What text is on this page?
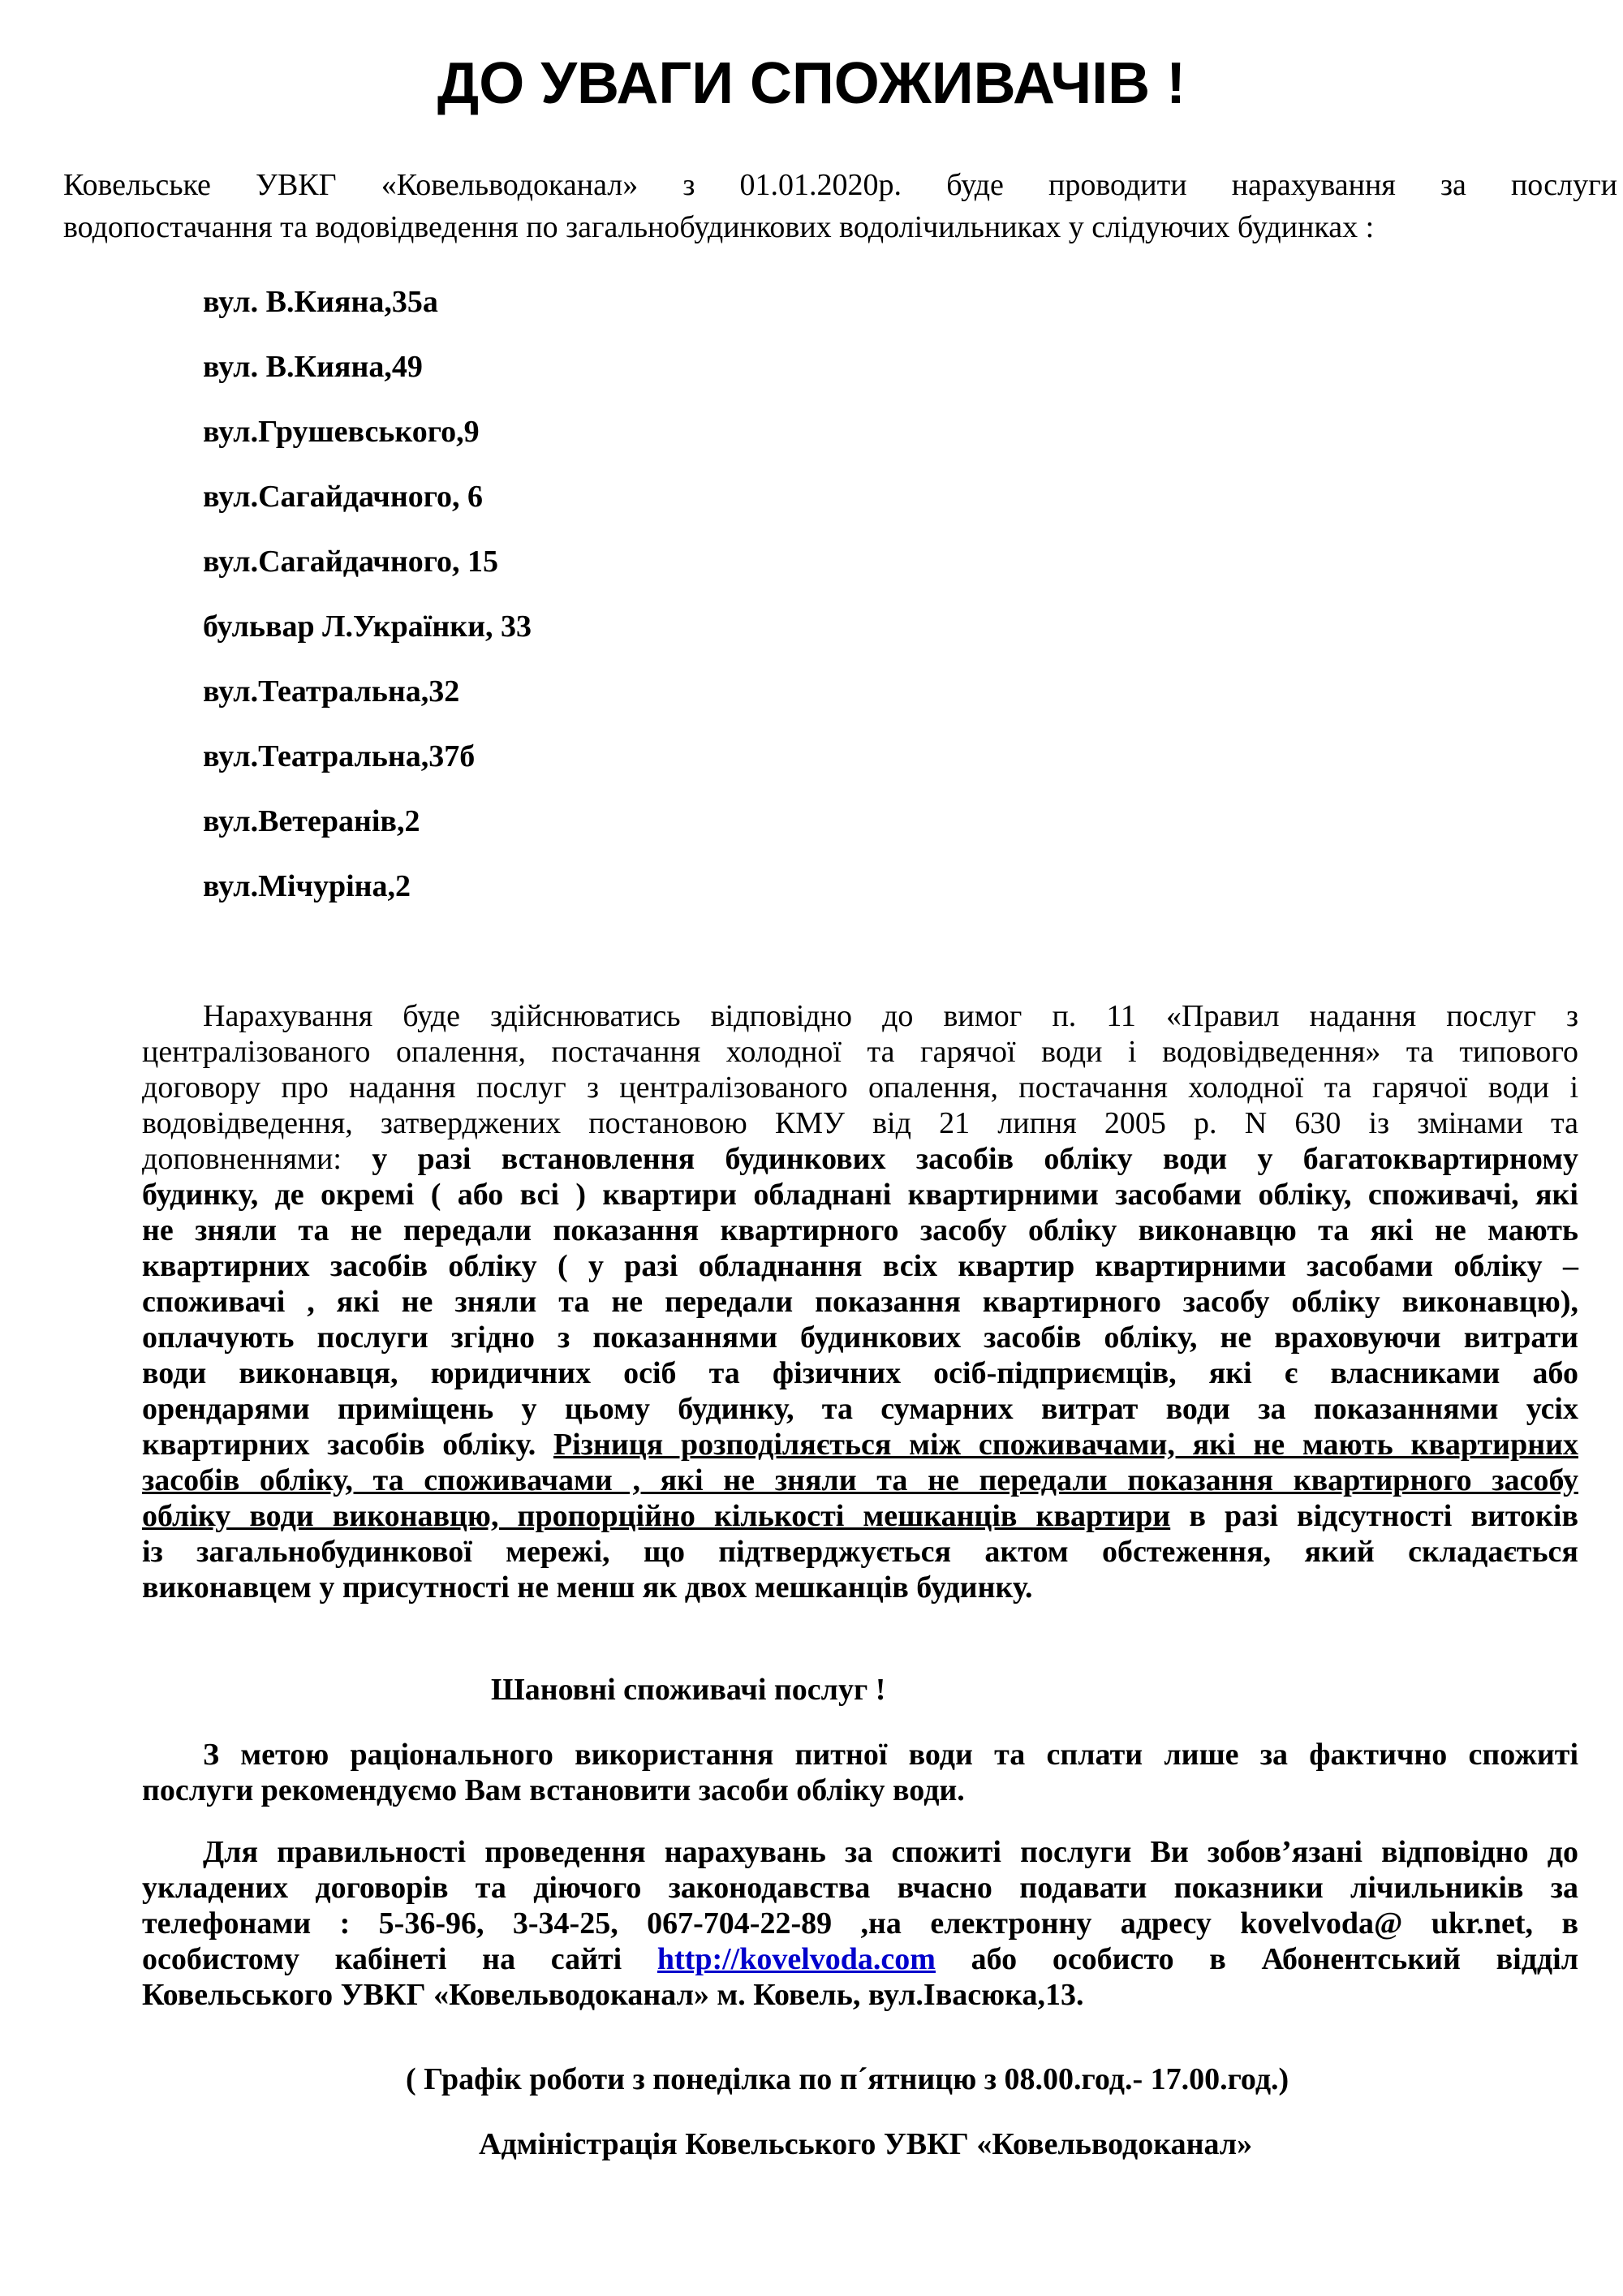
ДО УВАГИ СПОЖИВАЧІВ !
Ковельське УВКГ «Ковельводоканал» з 01.01.2020р. буде проводити нарахування за послуги
водопостачання та водовідведення по загальнобудинкових водолічильниках у слідуючих будинках :
вул. В.Кияна,35а
вул. В.Кияна,49
вул.Грушевського,9
вул.Сагайдачного, 6
вул.Сагайдачного, 15
бульвар Л.Українки, 33
вул.Театральна,32
вул.Театральна,37б
вул.Ветеранів,2
вул.Мічуріна,2
Нарахування буде здійснюватись відповідно до вимог п. 11 «Правил надання послуг з
централізованого опалення, постачання холодної та гарячої води і водовідведення» та типового
договору про надання послуг з централізованого опалення, постачання холодної та гарячої води і
водовідведення, затверджених постановою КМУ від 21 липня 2005 р. N 630 із змінами та
доповненнями: у разі встановлення будинкових засобів обліку води у багатоквартирному
будинку, де окремі ( або всі ) квартири обладнані квартирними засобами обліку, споживачі, які
не зняли та не передали показання квартирного засобу обліку виконавцю та які не мають
квартирних засобів обліку ( у разі обладнання всіх квартир квартирними засобами обліку –
споживачі , які не зняли та не передали показання квартирного засобу обліку виконавцю),
оплачують послуги згідно з показаннями будинкових засобів обліку, не враховуючи витрати
води виконавця, юридичних осіб та фізичних осіб-підприємців, які є власниками або
орендарями приміщень у цьому будинку, та сумарних витрат води за показаннями усіх
квартирних засобів обліку. Різниця розподіляється між споживачами, які не мають квартирних
засобів обліку, та споживачами , які не зняли та не передали показання квартирного засобу
обліку води виконавцю, пропорційно кількості мешканців квартири в разі відсутності витоків
із загальнобудинкової мережі, що підтверджується актом обстеження, який складається
виконавцем у присутності не менш як двох мешканців будинку.
Шановні споживачі послуг !
З метою раціонального використання питної води та сплати лише за фактично спожиті
послуги рекомендуємо Вам встановити засоби обліку води.
Для правильності проведення нарахувань за спожиті послуги Ви зобов’язані відповідно до
укладених договорів та діючого законодавства вчасно подавати показники лічильників за
телефонами : 5-36-96, 3-34-25, 067-704-22-89 ,на електронну адресу kovelvoda@ ukr.net, в
особистому кабінеті на сайті http://kovelvoda.com або особисто в Абонентський відділ
Ковельського УВКГ «Ковельводоканал» м. Ковель, вул.Івасюка,13.
( Графік роботи з понеділка по п´ятницю з 08.00.год.- 17.00.год.)
Адміністрація Ковельського УВКГ «Ковельводоканал»
